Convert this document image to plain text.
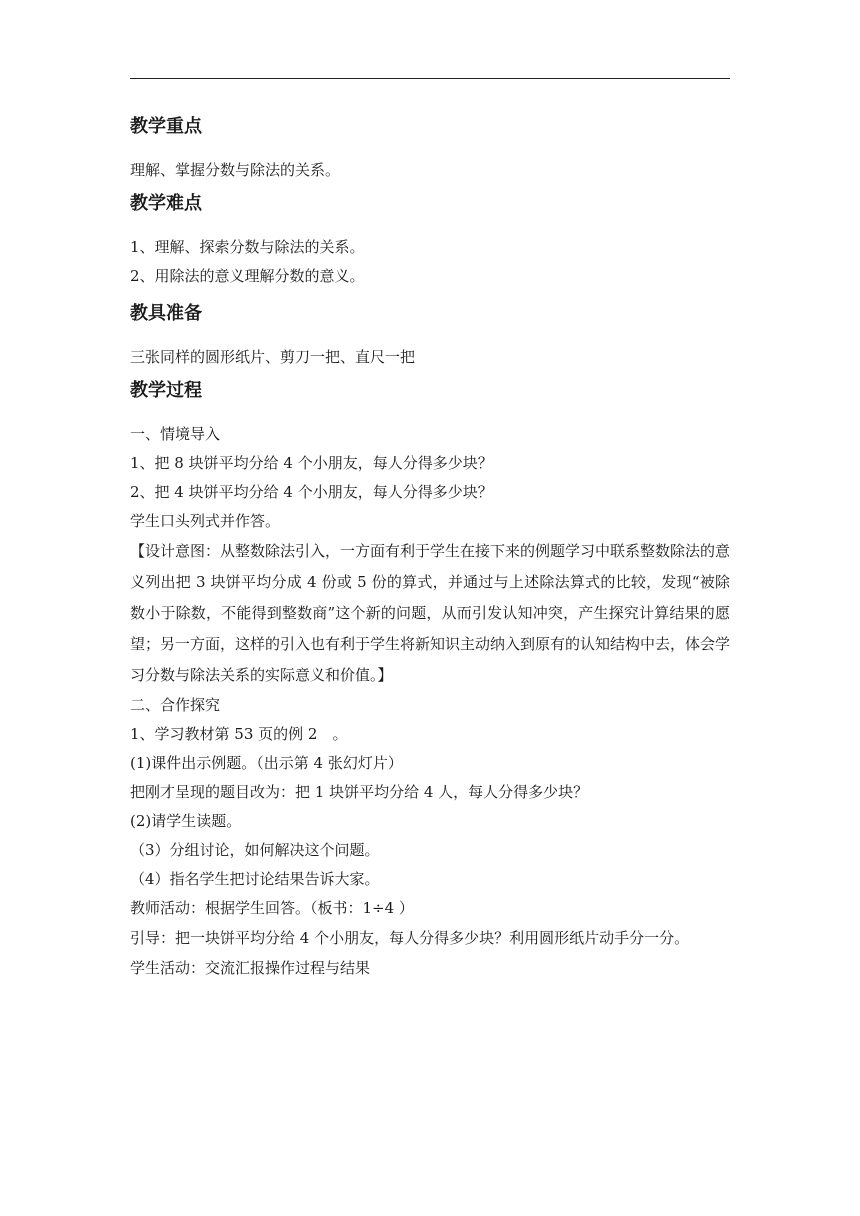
教学重点

理解、掌握分数与除法的关系。

教学难点

1、理解、探索分数与除法的关系。

2、用除法的意义理解分数的意义。

教具准备

三张同样的圆形纸片、剪刀一把、直尺一把

教学过程

一、情境导入

1、把 8 块饼平均分给 4 个小朋友，每人分得多少块？

2、把 4 块饼平均分给 4 个小朋友，每人分得多少块？

学生口头列式并作答。

【设计意图：从整数除法引入，一方面有利于学生在接下来的例题学习中联系整数除法的意义列出把 3 块饼平均分成 4 份或 5 份的算式，并通过与上述除法算式的比较，发现“被除数小于除数，不能得到整数商”这个新的问题，从而引发认知冲突，产生探究计算结果的愿望；另一方面，这样的引入也有利于学生将新知识主动纳入到原有的认知结构中去，体会学习分数与除法关系的实际意义和价值。】

二、合作探究

1、学习教材第 53 页的例 2　。

(1)课件出示例题。（出示第 4 张幻灯片）

把刚才呈现的题目改为：把 1 块饼平均分给 4 人，每人分得多少块？

(2)请学生读题。

（3）分组讨论，如何解决这个问题。

（4）指名学生把讨论结果告诉大家。

教师活动：根据学生回答。（板书：1÷4 ）

引导：把一块饼平均分给 4 个小朋友，每人分得多少块？利用圆形纸片动手分一分。

学生活动：交流汇报操作过程与结果
